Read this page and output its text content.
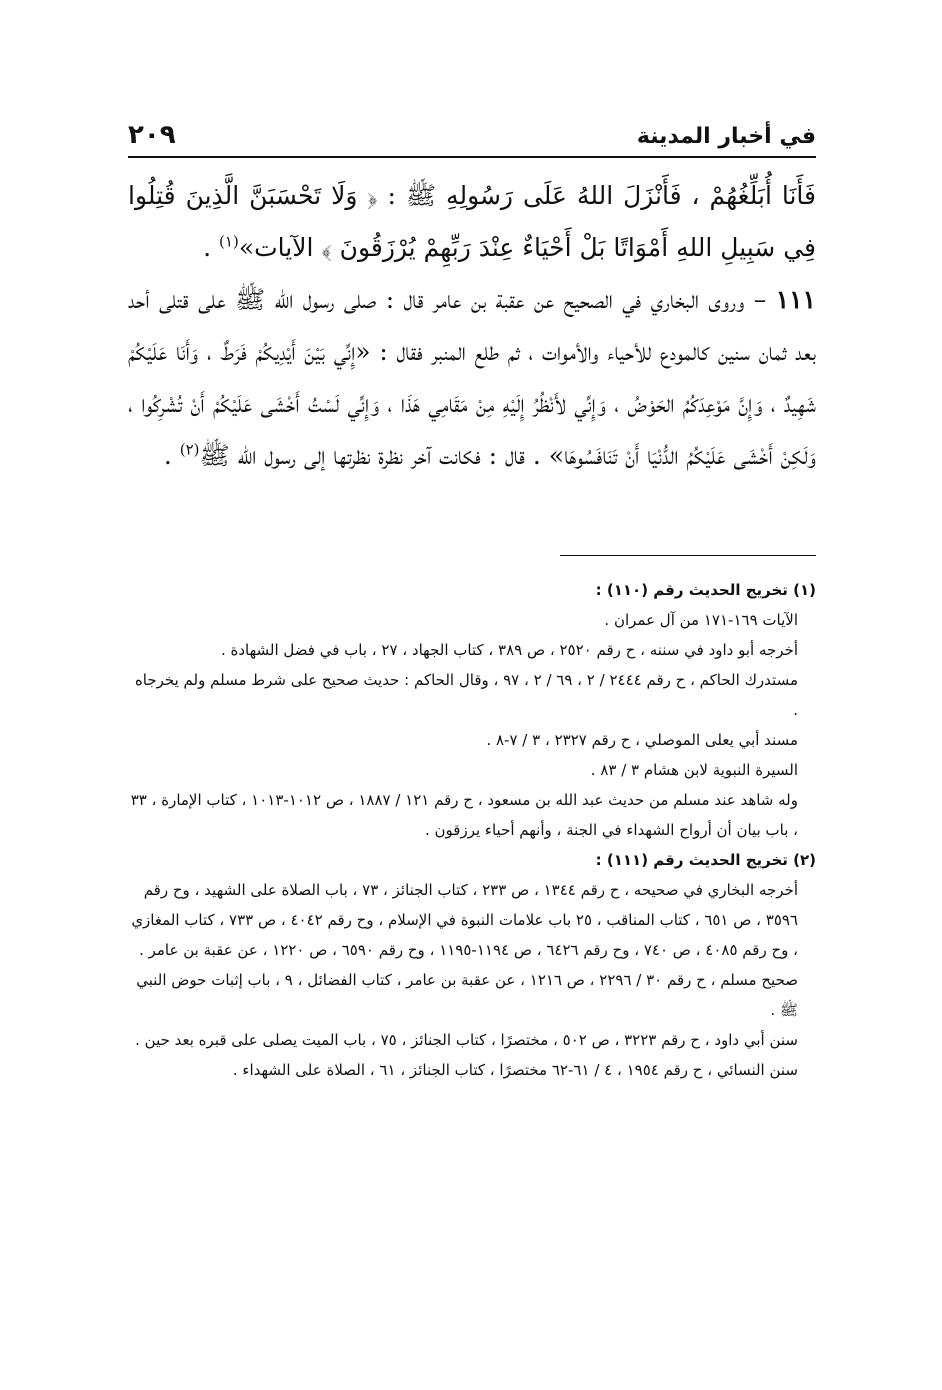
في أخبار المدينة
٢٠٩

فَأَنَا أُبَلِّغُهُمْ ، فَأَنْزَلَ اللهُ عَلَى رَسُولِهِ ﷺ : ﴿ وَلَا تَحْسَبَنَّ الَّذِينَ قُتِلُوا فِي سَبِيلِ اللهِ أَمْوَاتًا بَلْ أَحْيَاءٌ عِنْدَ رَبِّهِمْ يُرْزَقُونَ ﴾ الآيات»$^{(١)}$ .

١١١ – وروى البخاري في الصحيح عن عقبة بن عامر قال : صلى رسول الله ﷺ على قتلى أحد بعد ثمان سنين كالمودع للأحياء والأموات ، ثم طلع المنبر فقال : «إِنِّي بَيْنَ أَيْدِيكُمْ فَرَطٌ ، وَأَنَا عَلَيْكُمْ شَهِيدٌ ، وَإِنَّ مَوْعِدَكُمُ الحَوْضُ ، وَإِنِّي لأَنْظُرُ إِلَيْهِ مِنْ مَقَامِي هَذَا ، وَإِنِّي لَسْتُ أَخْشَى عَلَيْكُمْ أَنْ تُشْرِكُوا ، وَلَكِنْ أَخْشَى عَلَيْكُمُ الدُّنْيَا أَنْ تَنَافَسُوهَا» . قال : فكانت آخر نظرة نظرتها إلى رسول الله ﷺ$^{(٢)}$ .

(١) تخريج الحديث رقم (١١٠) :

الآيات ١٦٩-١٧١ من آل عمران .

أخرجه أبو داود في سننه ، ح رقم ٢٥٢٠ ، ص ٣٨٩ ، كتاب الجهاد ، ٢٧ ، باب في فضل الشهادة .

مستدرك الحاكم ، ح رقم ٢٤٤٤ / ٢ ، ٦٩ / ٢ ، ٩٧ ، وقال الحاكم : حديث صحيح على شرط مسلم ولم يخرجاه .

مسند أبي يعلى الموصلي ، ح رقم ٢٣٢٧ ، ٣ / ٧-٨ .

السيرة النبوية لابن هشام ٣ / ٨٣ .

وله شاهد عند مسلم من حديث عبد الله بن مسعود ، ح رقم ١٢١ / ١٨٨٧ ، ص ١٠١٢-١٠١٣ ، كتاب الإمارة ، ٣٣ ، باب بيان أن أرواح الشهداء في الجنة ، وأنهم أحياء يرزقون .

(٢) تخريج الحديث رقم (١١١) :

أخرجه البخاري في صحيحه ، ح رقم ١٣٤٤ ، ص ٢٣٣ ، كتاب الجنائز ، ٧٣ ، باب الصلاة على الشهيد ، وح رقم ٣٥٩٦ ، ص ٦٥١ ، كتاب المناقب ، ٢٥ باب علامات النبوة في الإسلام ، وح رقم ٤٠٤٢ ، ص ٧٣٣ ، كتاب المغازي ، وح رقم ٤٠٨٥ ، ص ٧٤٠ ، وح رقم ٦٤٢٦ ، ص ١١٩٤-١١٩٥ ، وح رقم ٦٥٩٠ ، ص ١٢٢٠ ، عن عقبة بن عامر .

صحيح مسلم ، ح رقم ٣٠ / ٢٢٩٦ ، ص ١٢١٦ ، عن عقبة بن عامر ، كتاب الفضائل ، ٩ ، باب إثبات حوض النبي ﷺ .

سنن أبي داود ، ح رقم ٣٢٢٣ ، ص ٥٠٢ ، مختصرًا ، كتاب الجنائز ، ٧٥ ، باب الميت يصلى على قبره بعد حين .

سنن النسائي ، ح رقم ١٩٥٤ ، ٤ / ٦١-٦٢ مختصرًا ، كتاب الجنائز ، ٦١ ، الصلاة على الشهداء .
